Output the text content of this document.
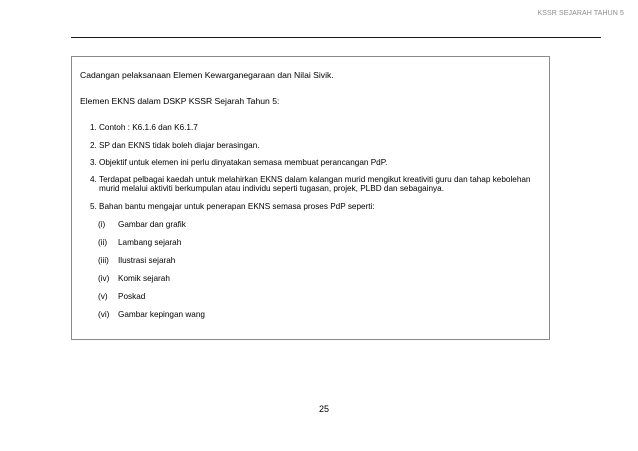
KSSR SEJARAH TAHUN 5
Cadangan pelaksanaan Elemen Kewarganegaraan dan Nilai Sivik.
Elemen EKNS dalam DSKP KSSR Sejarah Tahun 5:
1. Contoh : K6.1.6 dan K6.1.7
2. SP dan EKNS tidak boleh diajar berasingan.
3. Objektif untuk elemen ini perlu dinyatakan semasa membuat perancangan PdP.
4. Terdapat pelbagai kaedah untuk melahirkan EKNS dalam kalangan murid mengikut kreativiti guru dan tahap kebolehan
murid melalui aktiviti berkumpulan atau individu seperti tugasan, projek, PLBD dan sebagainya.
5. Bahan bantu mengajar untuk penerapan EKNS semasa proses PdP seperti:
(i) Gambar dan grafik
(ii) Lambang sejarah
(iii) Ilustrasi sejarah
(iv) Komik sejarah
(v) Poskad
(vi) Gambar kepingan wang
25
